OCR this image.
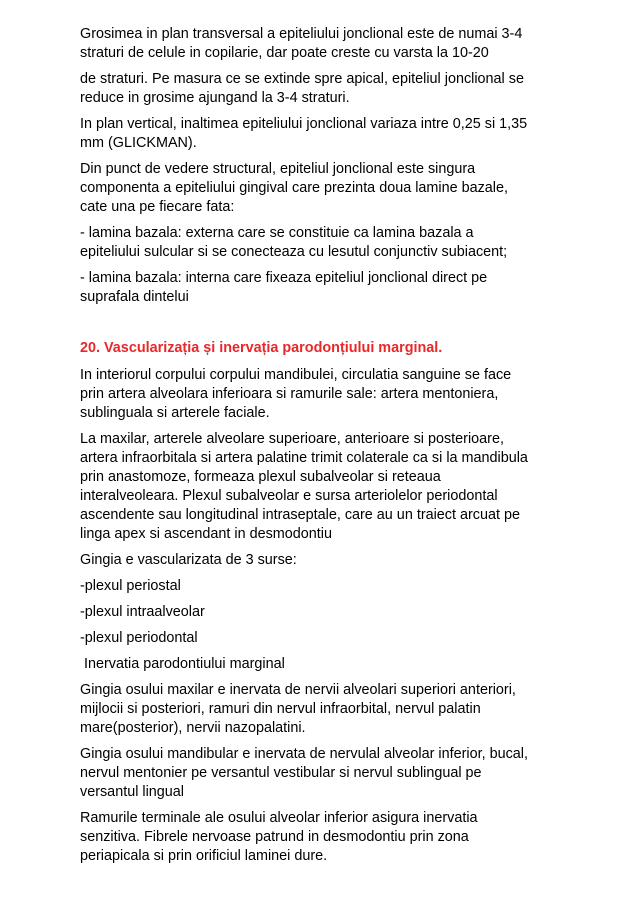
Grosimea in plan transversal a epiteliului jonclional este de numai 3-4
straturi de celule in copilarie, dar poate creste cu varsta la 10-20
de straturi. Pe masura ce se extinde spre apical, epiteliul jonclional se
reduce in grosime ajungand la 3-4 straturi.
In plan vertical, inaltimea epiteliului jonclional variaza intre 0,25 si 1,35
mm (GLICKMAN).
Din punct de vedere structural, epiteliul jonclional este singura
componenta a epiteliului gingival care prezinta doua lamine bazale,
cate una pe fiecare fata:
- lamina bazala: externa care se constituie ca lamina bazala a
epiteliului sulcular si se conecteaza cu lesutul conjunctiv subiacent;
- lamina bazala: interna care fixeaza epiteliul jonclional direct pe
suprafala dintelui
20. Vascularizația și inervația parodonțiului marginal.
In interiorul corpului corpului mandibulei, circulatia sanguine se face
prin artera alveolara inferioara si ramurile sale: artera mentoniera,
sublinguala si arterele faciale.
La maxilar, arterele alveolare superioare, anterioare si posterioare,
artera infraorbitala si artera palatine trimit colaterale ca si la mandibula
prin anastomoze, formeaza plexul subalveolar si reteaua
interalveoleara. Plexul subalveolar e sursa arteriolelor periodontal
ascendente sau longitudinal intraseptale, care au un traiect arcuat pe
linga apex si ascendant in desmodontiu
Gingia e vascularizata de 3 surse:
-plexul periostal
-plexul intraalveolar
-plexul periodontal
Inervatia parodontiului marginal
Gingia osului maxilar e inervata de nervii alveolari superiori anteriori,
mijlocii si posteriori, ramuri din nervul infraorbital, nervul palatin
mare(posterior), nervii nazopalatini.
Gingia osului mandibular e inervata de nervulal alveolar inferior, bucal,
nervul mentonier pe versantul vestibular si nervul sublingual pe
versantul lingual
Ramurile terminale ale osului alveolar inferior asigura inervatia
senzitiva. Fibrele nervoase patrund in desmodontiu prin zona
periapicala si prin orificiul laminei dure.
